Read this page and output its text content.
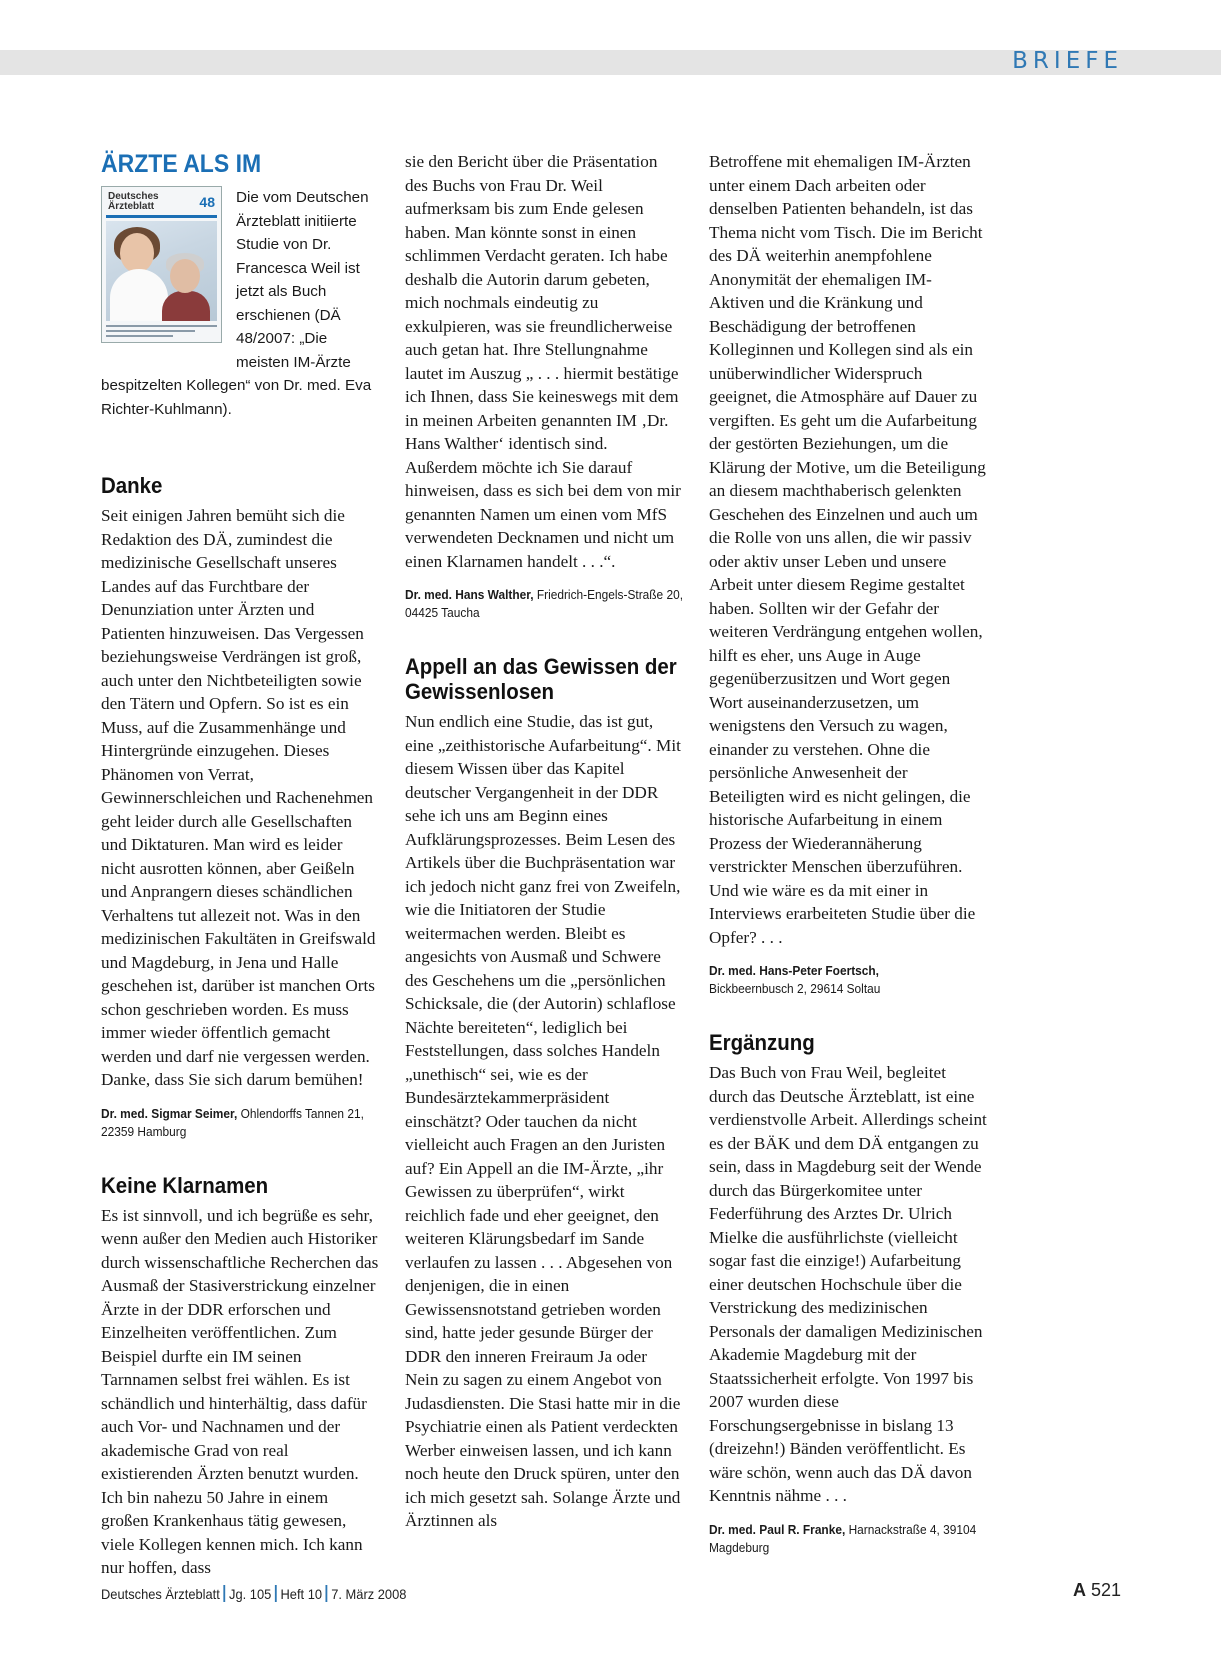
BRIEFE
ÄRZTE ALS IM
Deutsches Ärzteblatt	48	Die vom Deutschen Ärzteblatt initiierte Studie von Dr. Francesca Weil ist jetzt als Buch erschienen (DÄ 48/2007: „Die meisten IM-Ärzte bespitzelten Kollegen“ von Dr. med. Eva Richter-Kuhlmann).
Danke
Seit einigen Jahren bemüht sich die Redaktion des DÄ, zumindest die medizinische Gesellschaft unseres Landes auf das Furchtbare der Denunziation unter Ärzten und Patienten hinzuweisen. Das Vergessen beziehungsweise Verdrängen ist groß, auch unter den Nichtbeteiligten sowie den Tätern und Opfern. So ist es ein Muss, auf die Zusammenhänge und Hintergründe einzugehen. Dieses Phänomen von Verrat, Gewinnerschleichen und Rachenehmen geht leider durch alle Gesellschaften und Diktaturen. Man wird es leider nicht ausrotten können, aber Geißeln und Anprangern dieses schändlichen Verhaltens tut allezeit not. Was in den medizinischen Fakultäten in Greifswald und Magdeburg, in Jena und Halle geschehen ist, darüber ist manchen Orts schon geschrieben worden. Es muss immer wieder öffentlich gemacht werden und darf nie vergessen werden. Danke, dass Sie sich darum bemühen!
Dr. med. Sigmar Seimer, Ohlendorffs Tannen 21, 22359 Hamburg
Keine Klarnamen
Es ist sinnvoll, und ich begrüße es sehr, wenn außer den Medien auch Historiker durch wissenschaftliche Recherchen das Ausmaß der Stasiverstrickung einzelner Ärzte in der DDR erforschen und Einzelheiten veröffentlichen. Zum Beispiel durfte ein IM seinen Tarnnamen selbst frei wählen. Es ist schändlich und hinterhältig, dass dafür auch Vor- und Nachnamen und der akademische Grad von real existierenden Ärzten benutzt wurden. Ich bin nahezu 50 Jahre in einem großen Krankenhaus tätig gewesen, viele Kollegen kennen mich. Ich kann nur hoffen, dass
sie den Bericht über die Präsentation des Buchs von Frau Dr. Weil aufmerksam bis zum Ende gelesen haben. Man könnte sonst in einen schlimmen Verdacht geraten. Ich habe deshalb die Autorin darum gebeten, mich nochmals eindeutig zu exkulpieren, was sie freundlicherweise auch getan hat. Ihre Stellungnahme lautet im Auszug „ . . . hiermit bestätige ich Ihnen, dass Sie keineswegs mit dem in meinen Arbeiten genannten IM ‚Dr. Hans Walther‘ identisch sind. Außerdem möchte ich Sie darauf hinweisen, dass es sich bei dem von mir genannten Namen um einen vom MfS verwendeten Decknamen und nicht um einen Klarnamen handelt . . .“.
Dr. med. Hans Walther, Friedrich-Engels-Straße 20, 04425 Taucha
Appell an das Gewissen der Gewissenlosen
Nun endlich eine Studie, das ist gut, eine „zeithistorische Aufarbeitung“. Mit diesem Wissen über das Kapitel deutscher Vergangenheit in der DDR sehe ich uns am Beginn eines Aufklärungsprozesses. Beim Lesen des Artikels über die Buchpräsentation war ich jedoch nicht ganz frei von Zweifeln, wie die Initiatoren der Studie weitermachen werden. Bleibt es angesichts von Ausmaß und Schwere des Geschehens um die „persönlichen Schicksale, die (der Autorin) schlaflose Nächte bereiteten“, lediglich bei Feststellungen, dass solches Handeln „unethisch“ sei, wie es der Bundesärztekammerpräsident einschätzt? Oder tauchen da nicht vielleicht auch Fragen an den Juristen auf? Ein Appell an die IM-Ärzte, „ihr Gewissen zu überprüfen“, wirkt reichlich fade und eher geeignet, den weiteren Klärungsbedarf im Sande verlaufen zu lassen . . . Abgesehen von denjenigen, die in einen Gewissensnotstand getrieben worden sind, hatte jeder gesunde Bürger der DDR den inneren Freiraum Ja oder Nein zu sagen zu einem Angebot von Judasdiensten. Die Stasi hatte mir in die Psychiatrie einen als Patient verdeckten Werber einweisen lassen, und ich kann noch heute den Druck spüren, unter den ich mich gesetzt sah. Solange Ärzte und Ärztinnen als
Betroffene mit ehemaligen IM-Ärzten unter einem Dach arbeiten oder denselben Patienten behandeln, ist das Thema nicht vom Tisch. Die im Bericht des DÄ weiterhin anempfohlene Anonymität der ehemaligen IM-Aktiven und die Kränkung und Beschädigung der betroffenen Kolleginnen und Kollegen sind als ein unüberwindlicher Widerspruch geeignet, die Atmosphäre auf Dauer zu vergiften. Es geht um die Aufarbeitung der gestörten Beziehungen, um die Klärung der Motive, um die Beteiligung an diesem machthaberisch gelenkten Geschehen des Einzelnen und auch um die Rolle von uns allen, die wir passiv oder aktiv unser Leben und unsere Arbeit unter diesem Regime gestaltet haben. Sollten wir der Gefahr der weiteren Verdrängung entgehen wollen, hilft es eher, uns Auge in Auge gegenüberzusitzen und Wort gegen Wort auseinanderzusetzen, um wenigstens den Versuch zu wagen, einander zu verstehen. Ohne die persönliche Anwesenheit der Beteiligten wird es nicht gelingen, die historische Aufarbeitung in einem Prozess der Wiederannäherung verstrickter Menschen überzuführen. Und wie wäre es da mit einer in Interviews erarbeiteten Studie über die Opfer? . . .
Dr. med. Hans-Peter Foertsch,
Bickbeernbusch 2, 29614 Soltau
Ergänzung
Das Buch von Frau Weil, begleitet durch das Deutsche Ärzteblatt, ist eine verdienstvolle Arbeit. Allerdings scheint es der BÄK und dem DÄ entgangen zu sein, dass in Magdeburg seit der Wende durch das Bürgerkomitee unter Federführung des Arztes Dr. Ulrich Mielke die ausführlichste (vielleicht sogar fast die einzige!) Aufarbeitung einer deutschen Hochschule über die Verstrickung des medizinischen Personals der damaligen Medizinischen Akademie Magdeburg mit der Staatssicherheit erfolgte. Von 1997 bis 2007 wurden diese Forschungsergebnisse in bislang 13 (dreizehn!) Bänden veröffentlicht. Es wäre schön, wenn auch das DÄ davon Kenntnis nähme . . .
Dr. med. Paul R. Franke, Harnackstraße 4, 39104 Magdeburg
Deutsches Ärzteblatt Jg. 105 Heft 10 7. März 2008	A 521
